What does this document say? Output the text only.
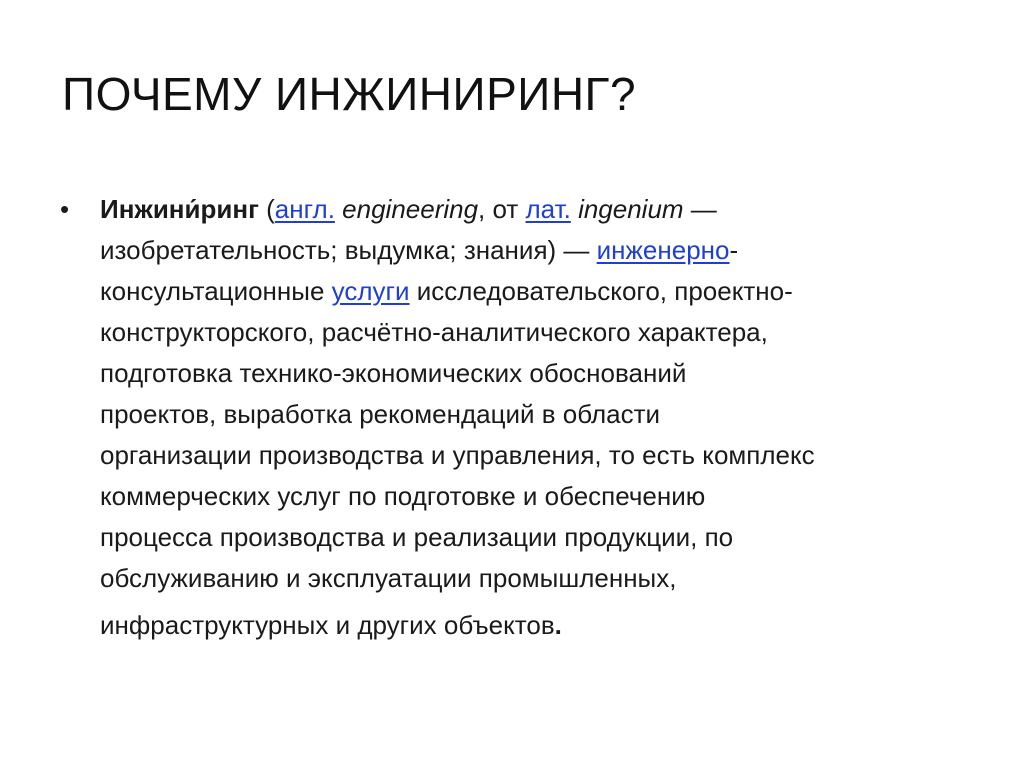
ПОЧЕМУ ИНЖИНИРИНГ?
• Инжини́ринг (англ. engineering, от лат. ingenium —
изобретательность; выдумка; знания) — инженерно-
консультационные услуги исследовательского, проектно-
конструкторского, расчётно-аналитического характера,
подготовка технико-экономических обоснований
проектов, выработка рекомендаций в области
организации производства и управления, то есть комплекс
коммерческих услуг по подготовке и обеспечению
процесса производства и реализации продукции, по
обслуживанию и эксплуатации промышленных,
инфраструктурных и других объектов.
